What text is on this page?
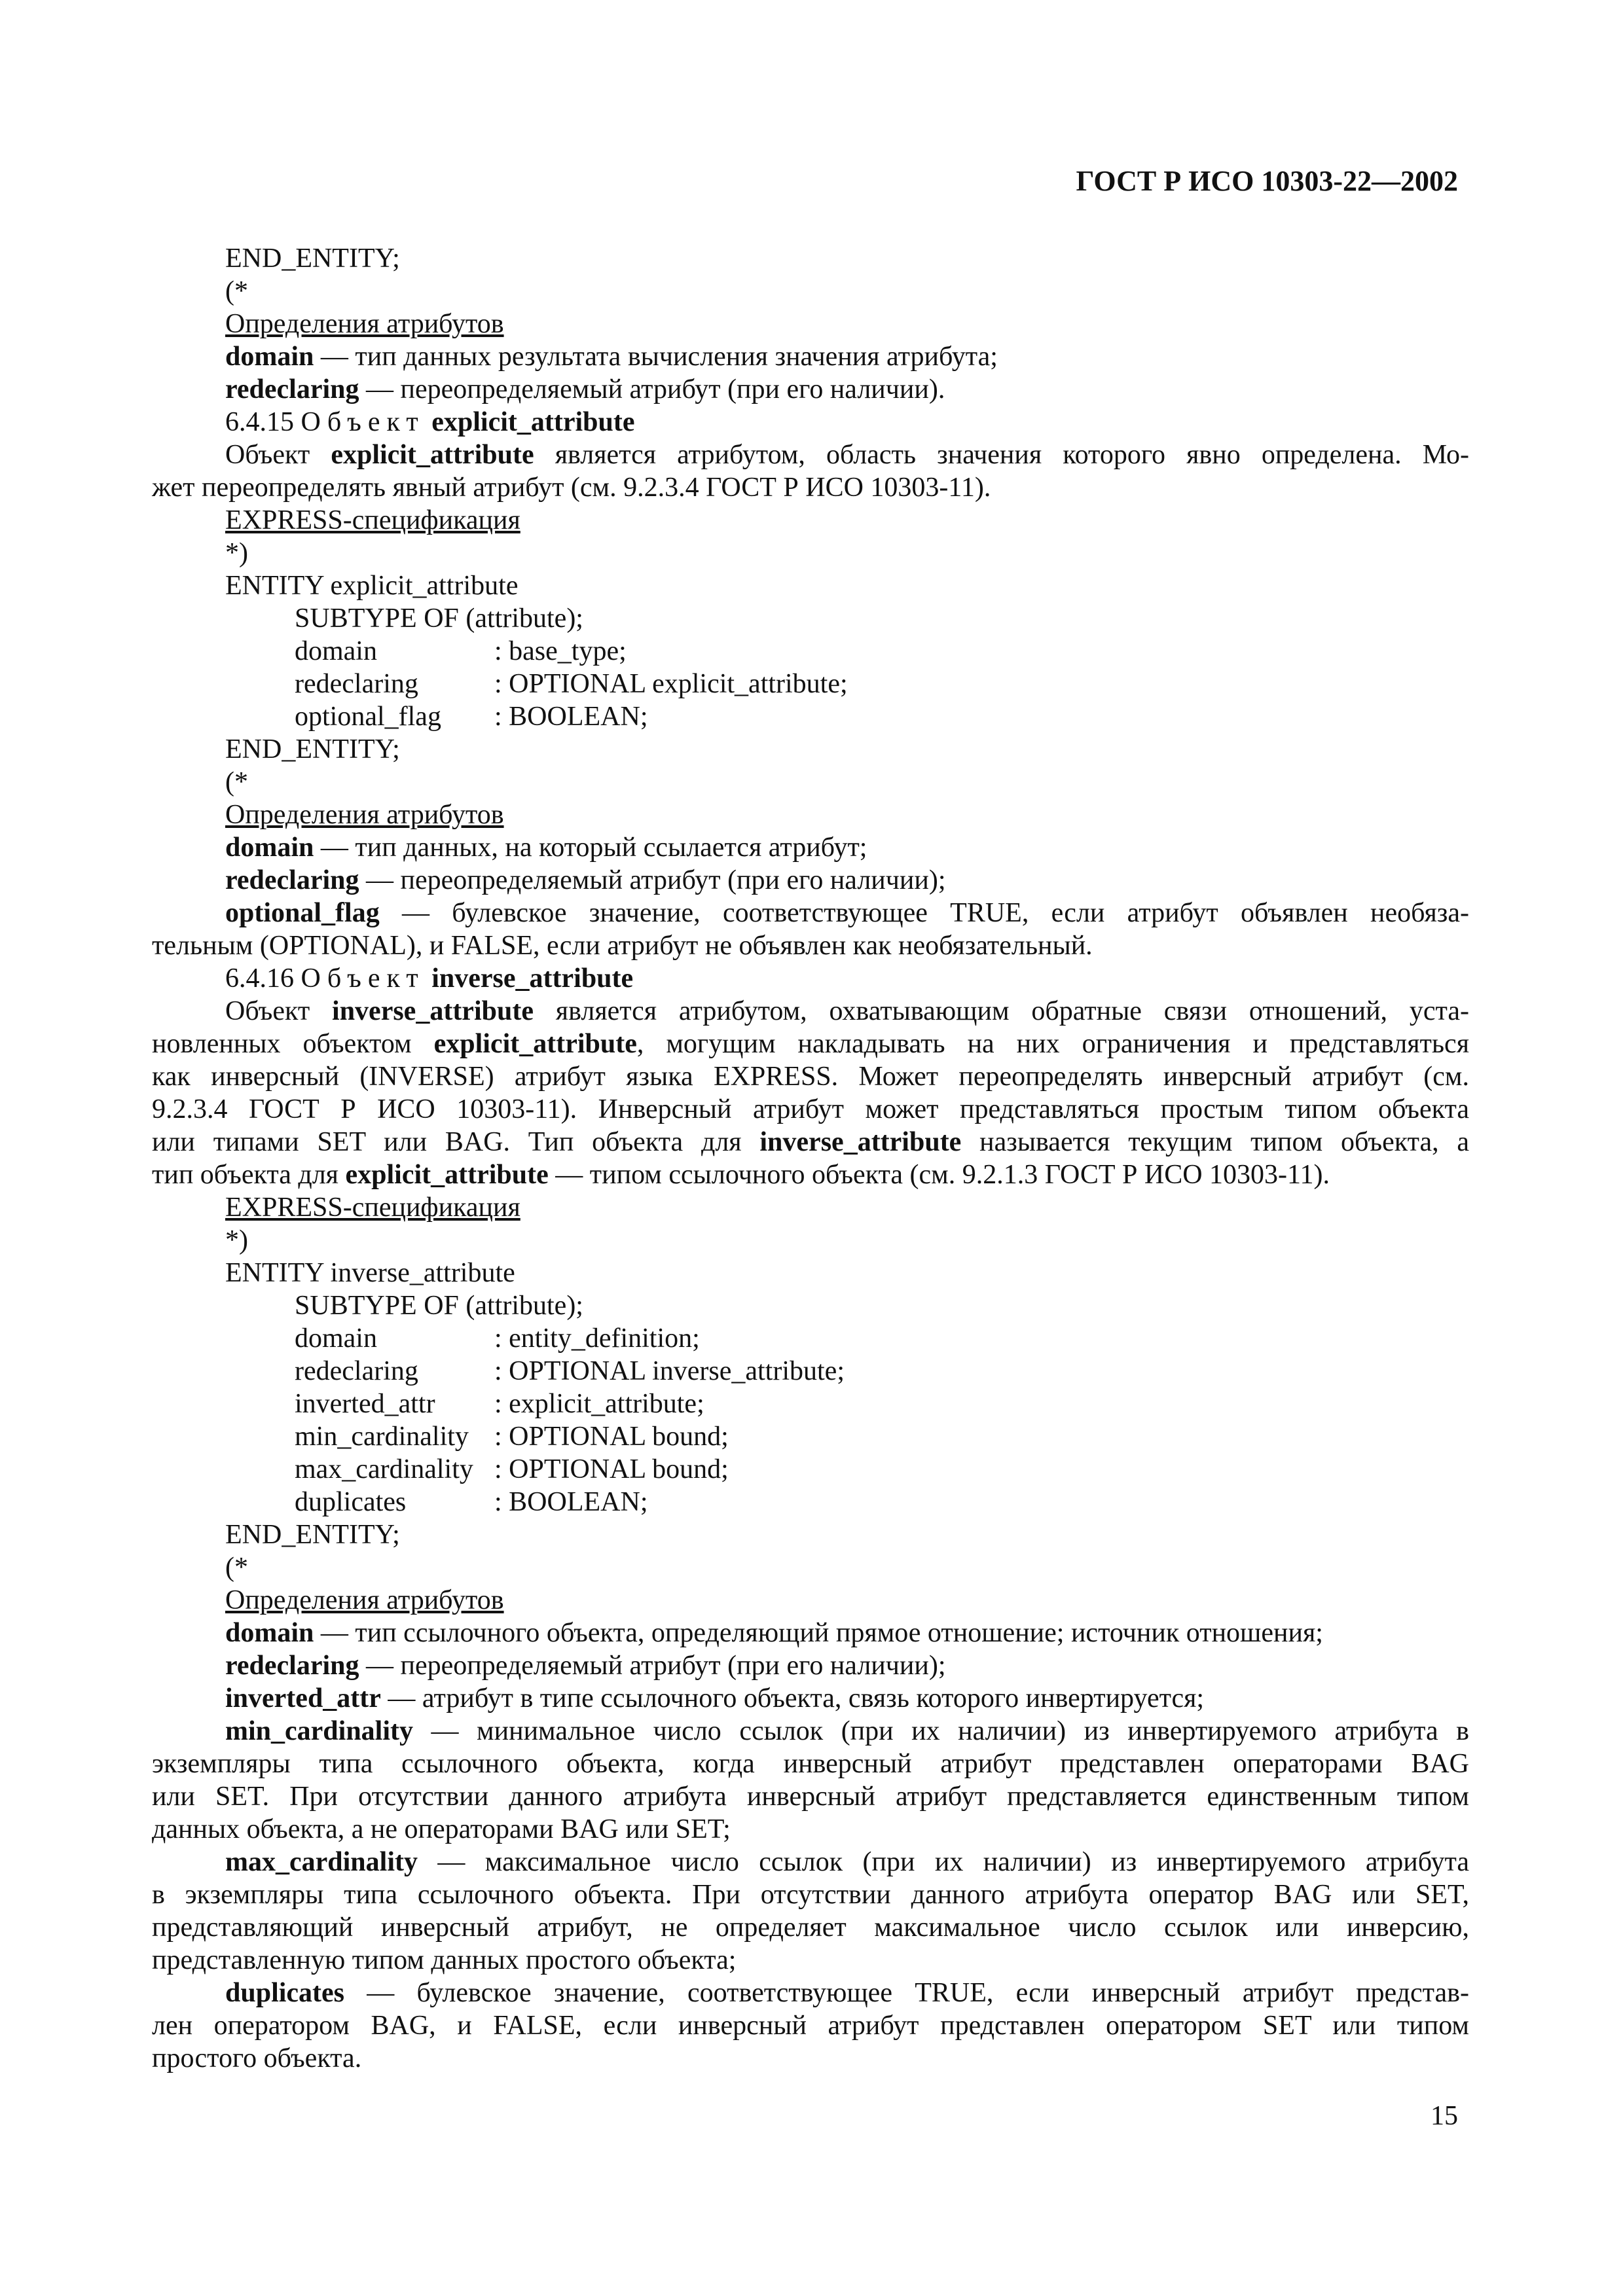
ГОСТ Р ИСО 10303-22—2002
END_ENTITY;
(*
Определения атрибутов
domain — тип данных результата вычисления значения атрибута;
redeclaring — переопределяемый атрибут (при его наличии).
6.4.15 Объект explicit_attribute
Объект explicit_attribute является атрибутом, область значения которого явно определена. Мо-
жет переопределять явный атрибут (см. 9.2.3.4 ГОСТ Р ИСО 10303-11).
EXPRESS-спецификация
*)
ENTITY explicit_attribute
SUBTYPE OF (attribute);
domain	: base_type;
redeclaring	: OPTIONAL explicit_attribute;
optional_flag : BOOLEAN;
END_ENTITY;
(*
Определения атрибутов
domain — тип данных, на который ссылается атрибут;
redeclaring — переопределяемый атрибут (при его наличии);
optional_flag — булевское значение, соответствующее TRUE, если атрибут объявлен необяза-
тельным (OPTIONAL), и FALSE, если атрибут не объявлен как необязательный.
6.4.16 Объект inverse_attribute
Объект inverse_attribute является атрибутом, охватывающим обратные связи отношений, уста-
новленных объектом explicit_attribute, могущим накладывать на них ограничения и представляться
как инверсный (INVERSE) атрибут языка EXPRESS. Может переопределять инверсный атрибут (см.
9.2.3.4 ГОСТ Р ИСО 10303-11). Инверсный атрибут может представляться простым типом объекта
или типами SET или BAG. Тип объекта для inverse_attribute называется текущим типом объекта, а
тип объекта для explicit_attribute — типом ссылочного объекта (см. 9.2.1.3 ГОСТ Р ИСО 10303-11).
EXPRESS-спецификация
*)
ENTITY inverse_attribute
SUBTYPE OF (attribute);
domain	: entity_definition;
redeclaring	: OPTIONAL inverse_attribute;
inverted_attr : explicit_attribute;
min_cardinality : OPTIONAL bound;
max_cardinality : OPTIONAL bound;
duplicates	: BOOLEAN;
END_ENTITY;
(*
Определения атрибутов
domain — тип ссылочного объекта, определяющий прямое отношение; источник отношения;
redeclaring — переопределяемый атрибут (при его наличии);
inverted_attr — атрибут в типе ссылочного объекта, связь которого инвертируется;
min_cardinality — минимальное число ссылок (при их наличии) из инвертируемого атрибута в
экземпляры типа ссылочного объекта, когда инверсный атрибут представлен операторами BAG
или SET. При отсутствии данного атрибута инверсный атрибут представляется единственным типом
данных объекта, а не операторами BAG или SET;
max_cardinality — максимальное число ссылок (при их наличии) из инвертируемого атрибута
в экземпляры типа ссылочного объекта. При отсутствии данного атрибута оператор BAG или SET,
представляющий инверсный атрибут, не определяет максимальное число ссылок или инверсию,
представленную типом данных простого объекта;
duplicates — булевское значение, соответствующее TRUE, если инверсный атрибут представ-
лен оператором BAG, и FALSE, если инверсный атрибут представлен оператором SET или типом
простого объекта.
15
